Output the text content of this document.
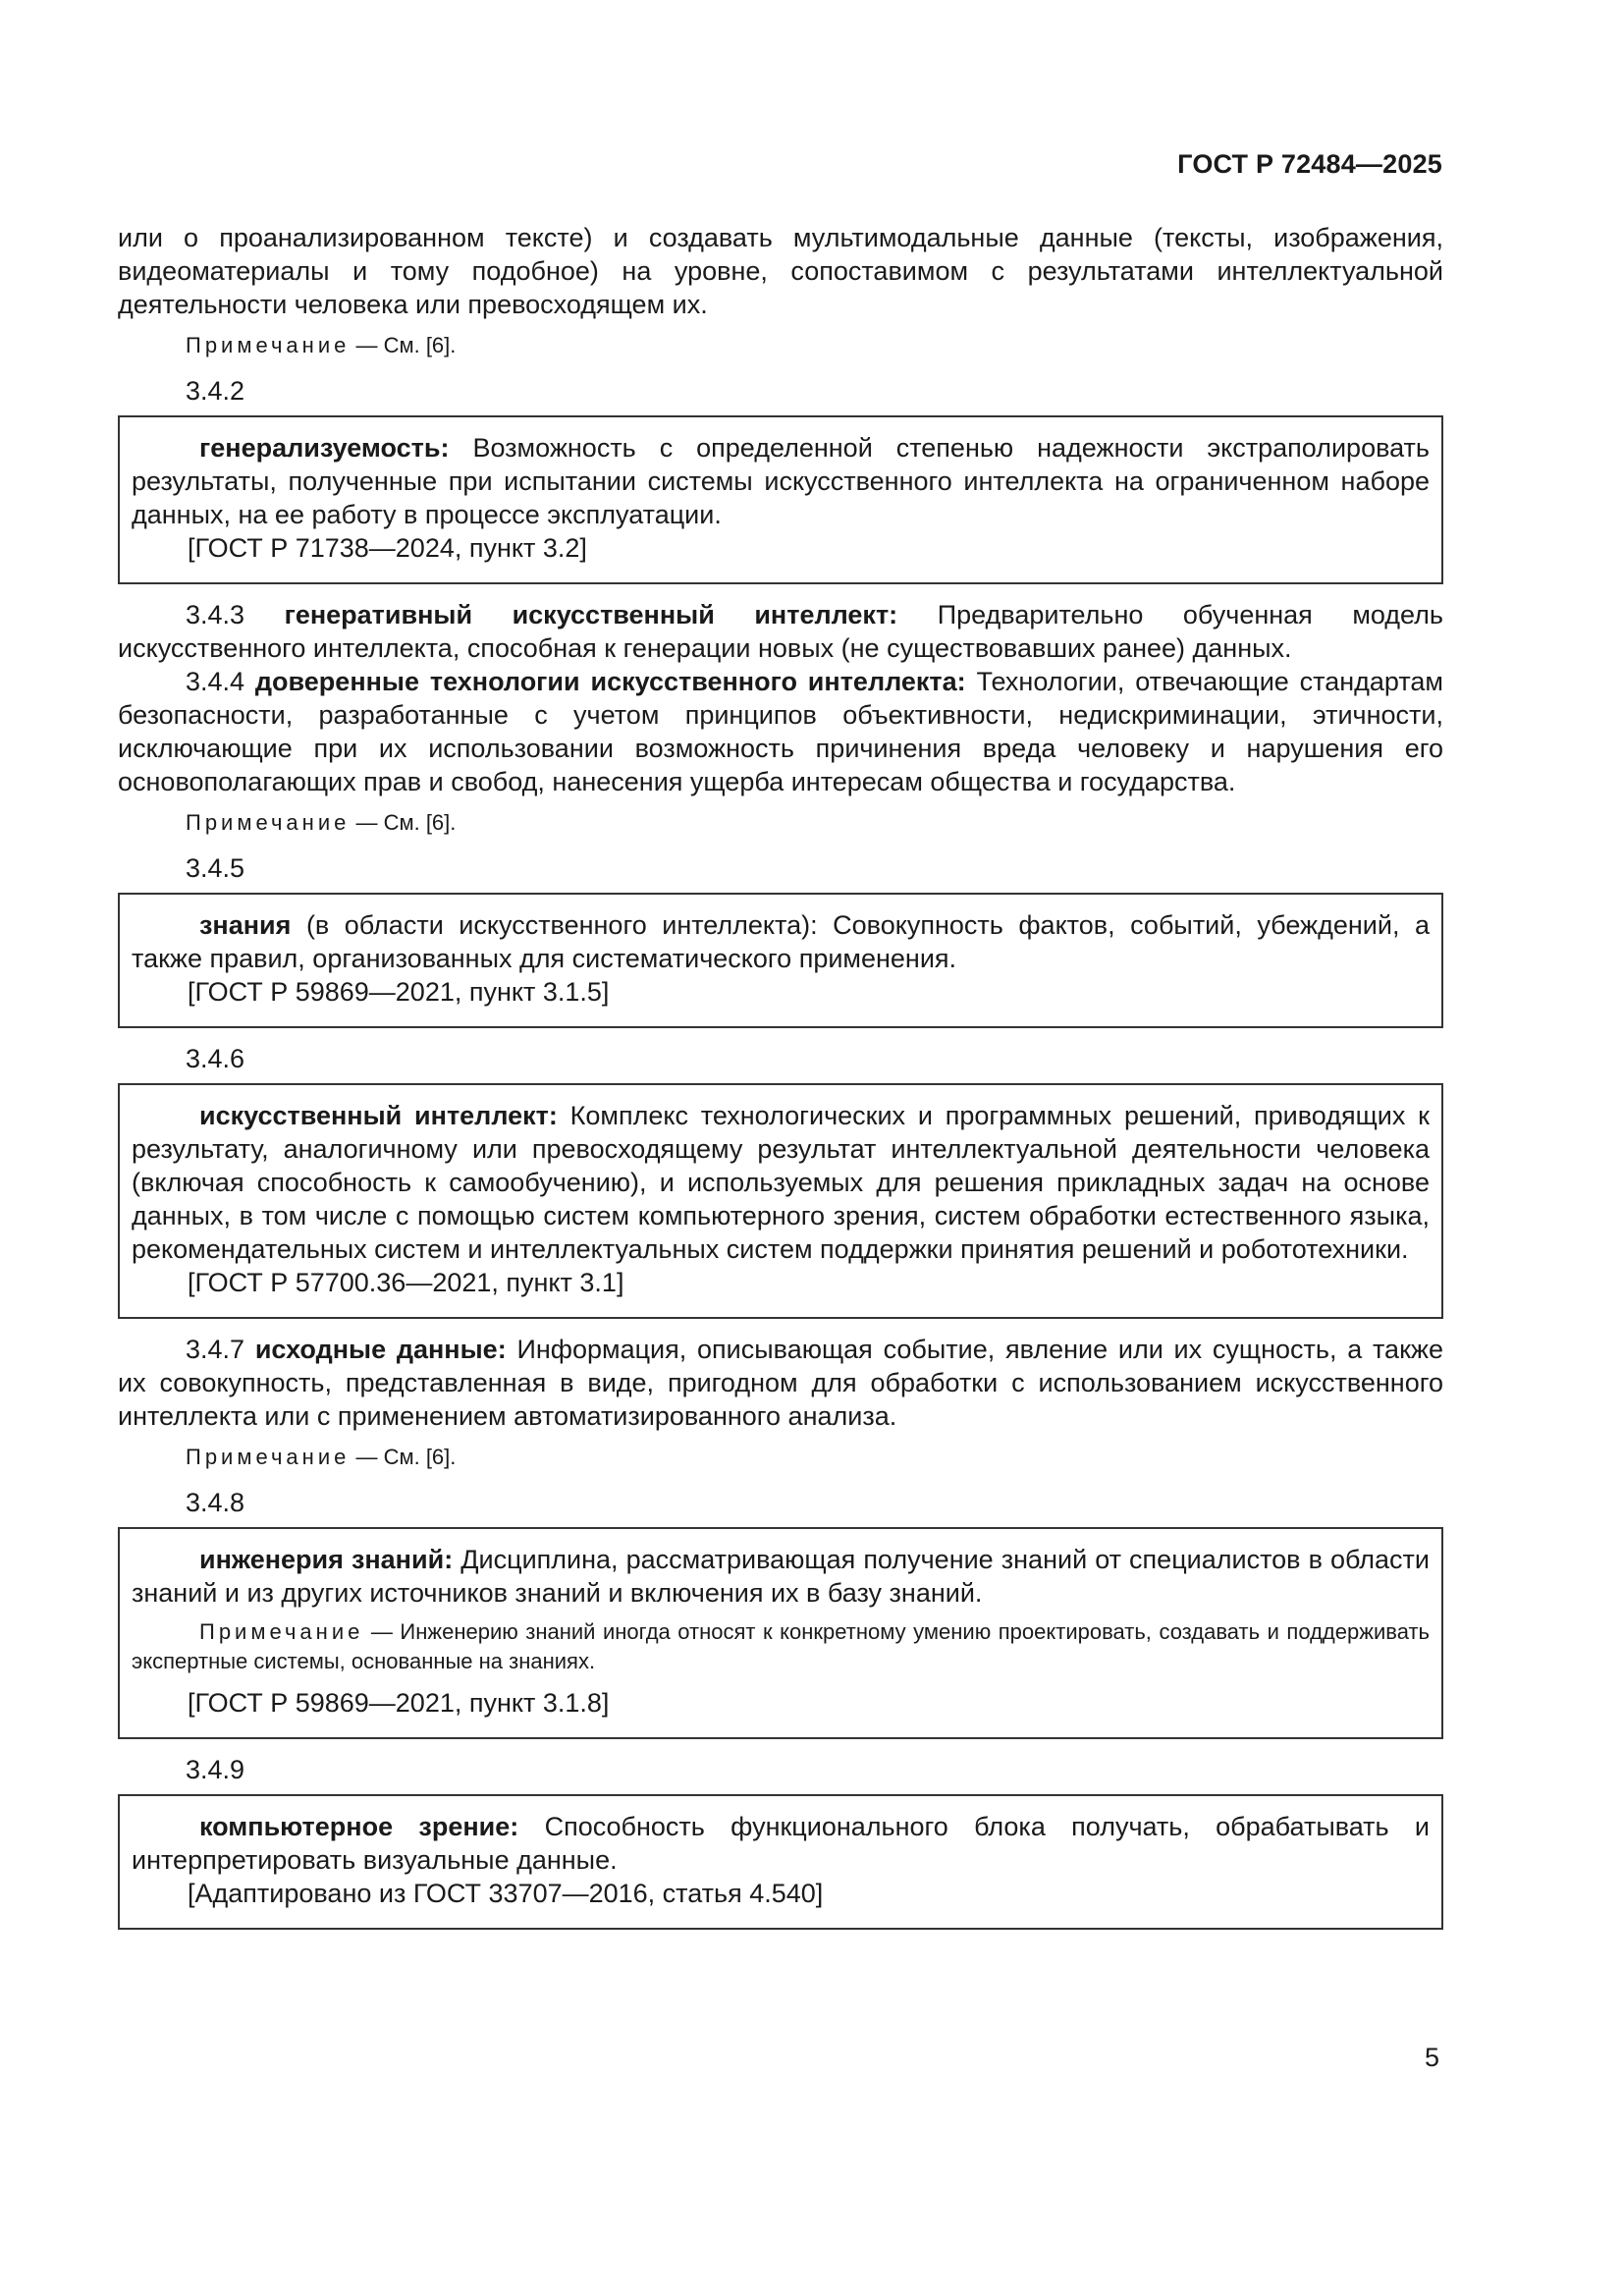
ГОСТ Р 72484—2025

или о проанализированном тексте) и создавать мультимодальные данные (тексты, изображения, видеоматериалы и тому подобное) на уровне, сопоставимом с результатами интеллектуальной деятельности человека или превосходящем их.

Примечание — См. [6].

3.4.2

генерализуемость: Возможность с определенной степенью надежности экстраполировать результаты, полученные при испытании системы искусственного интеллекта на ограниченном наборе данных, на ее работу в процессе эксплуатации.

[ГОСТ Р 71738—2024, пункт 3.2]

3.4.3 генеративный искусственный интеллект: Предварительно обученная модель искусственного интеллекта, способная к генерации новых (не существовавших ранее) данных.

3.4.4 доверенные технологии искусственного интеллекта: Технологии, отвечающие стандартам безопасности, разработанные с учетом принципов объективности, недискриминации, этичности, исключающие при их использовании возможность причинения вреда человеку и нарушения его основополагающих прав и свобод, нанесения ущерба интересам общества и государства.

Примечание — См. [6].

3.4.5

знания (в области искусственного интеллекта): Совокупность фактов, событий, убеждений, а также правил, организованных для систематического применения.

[ГОСТ Р 59869—2021, пункт 3.1.5]

3.4.6

искусственный интеллект: Комплекс технологических и программных решений, приводящих к результату, аналогичному или превосходящему результат интеллектуальной деятельности человека (включая способность к самообучению), и используемых для решения прикладных задач на основе данных, в том числе с помощью систем компьютерного зрения, систем обработки естественного языка, рекомендательных систем и интеллектуальных систем поддержки принятия решений и робототехники.

[ГОСТ Р 57700.36—2021, пункт 3.1]

3.4.7 исходные данные: Информация, описывающая событие, явление или их сущность, а также их совокупность, представленная в виде, пригодном для обработки с использованием искусственного интеллекта или с применением автоматизированного анализа.

Примечание — См. [6].

3.4.8

инженерия знаний: Дисциплина, рассматривающая получение знаний от специалистов в области знаний и из других источников знаний и включения их в базу знаний.

Примечание — Инженерию знаний иногда относят к конкретному умению проектировать, создавать и поддерживать экспертные системы, основанные на знаниях.

[ГОСТ Р 59869—2021, пункт 3.1.8]

3.4.9

компьютерное зрение: Способность функционального блока получать, обрабатывать и интерпретировать визуальные данные.

[Адаптировано из ГОСТ 33707—2016, статья 4.540]

5
